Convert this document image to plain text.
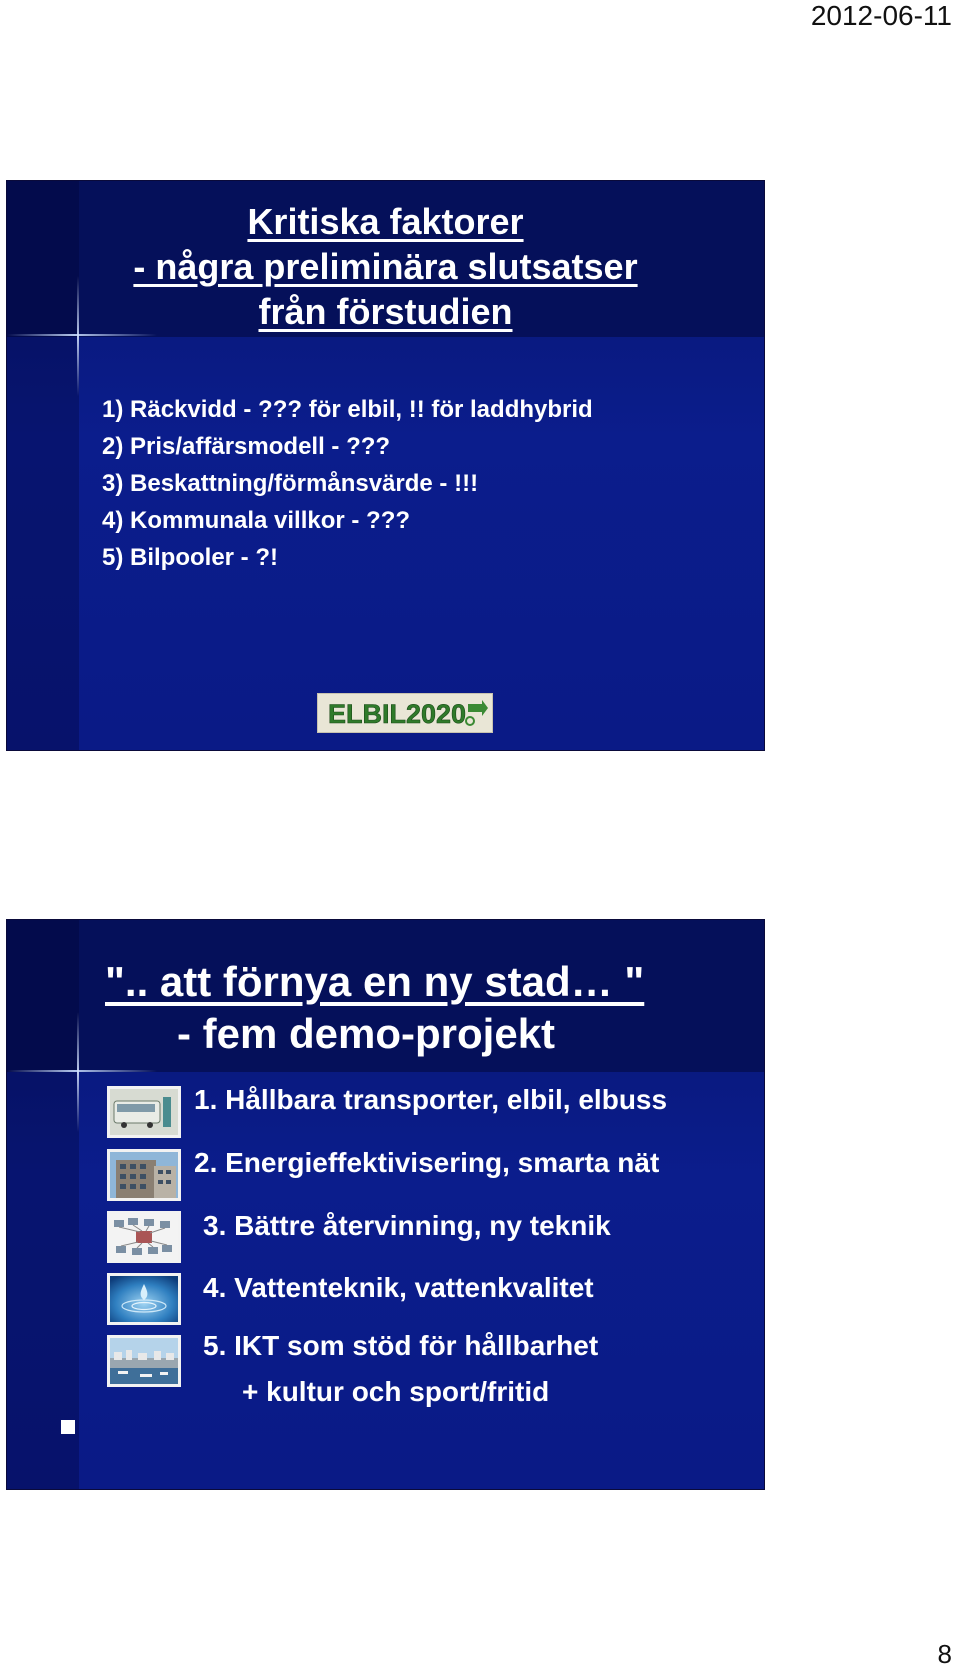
2012-06-11
Kritiska faktorer
- några preliminära slutsatser
från förstudien
1) Räckvidd - ??? för elbil, !! för laddhybrid
2) Pris/affärsmodell - ???
3) Beskattning/förmånsvärde - !!!
4) Kommunala villkor - ???
5) Bilpooler - ?!
ELBIL2020
".. att förnya en ny stad… "
- fem demo-projekt
1. Hållbara transporter, elbil, elbuss
2. Energieffektivisering, smarta nät
3. Bättre återvinning, ny teknik
4. Vattenteknik, vattenkvalitet
5. IKT som stöd för hållbarhet
+ kultur och sport/fritid
8
